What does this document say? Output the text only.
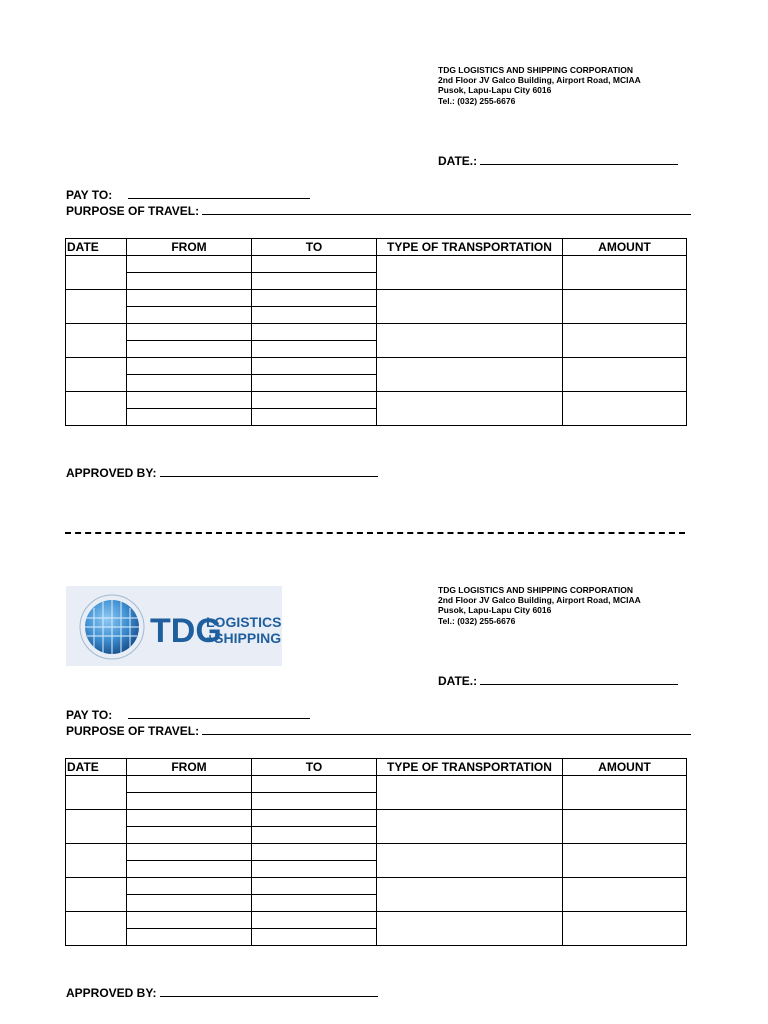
TDG LOGISTICS AND SHIPPING CORPORATION
2nd Floor JV Galco Building, Airport Road, MCIAA
Pusok, Lapu-Lapu City 6016
Tel.: (032) 255-6676
DATE.:
PAY TO:
PURPOSE OF TRAVEL:
DATE	FROM	TO	TYPE OF TRANSPORTATION	AMOUNT

APPROVED BY:
TDG
LOGISTICS
+SHIPPING
TDG LOGISTICS AND SHIPPING CORPORATION
2nd Floor JV Galco Building, Airport Road, MCIAA
Pusok, Lapu-Lapu City 6016
Tel.: (032) 255-6676
DATE.:
PAY TO:
PURPOSE OF TRAVEL:
DATE	FROM	TO	TYPE OF TRANSPORTATION	AMOUNT

APPROVED BY:
